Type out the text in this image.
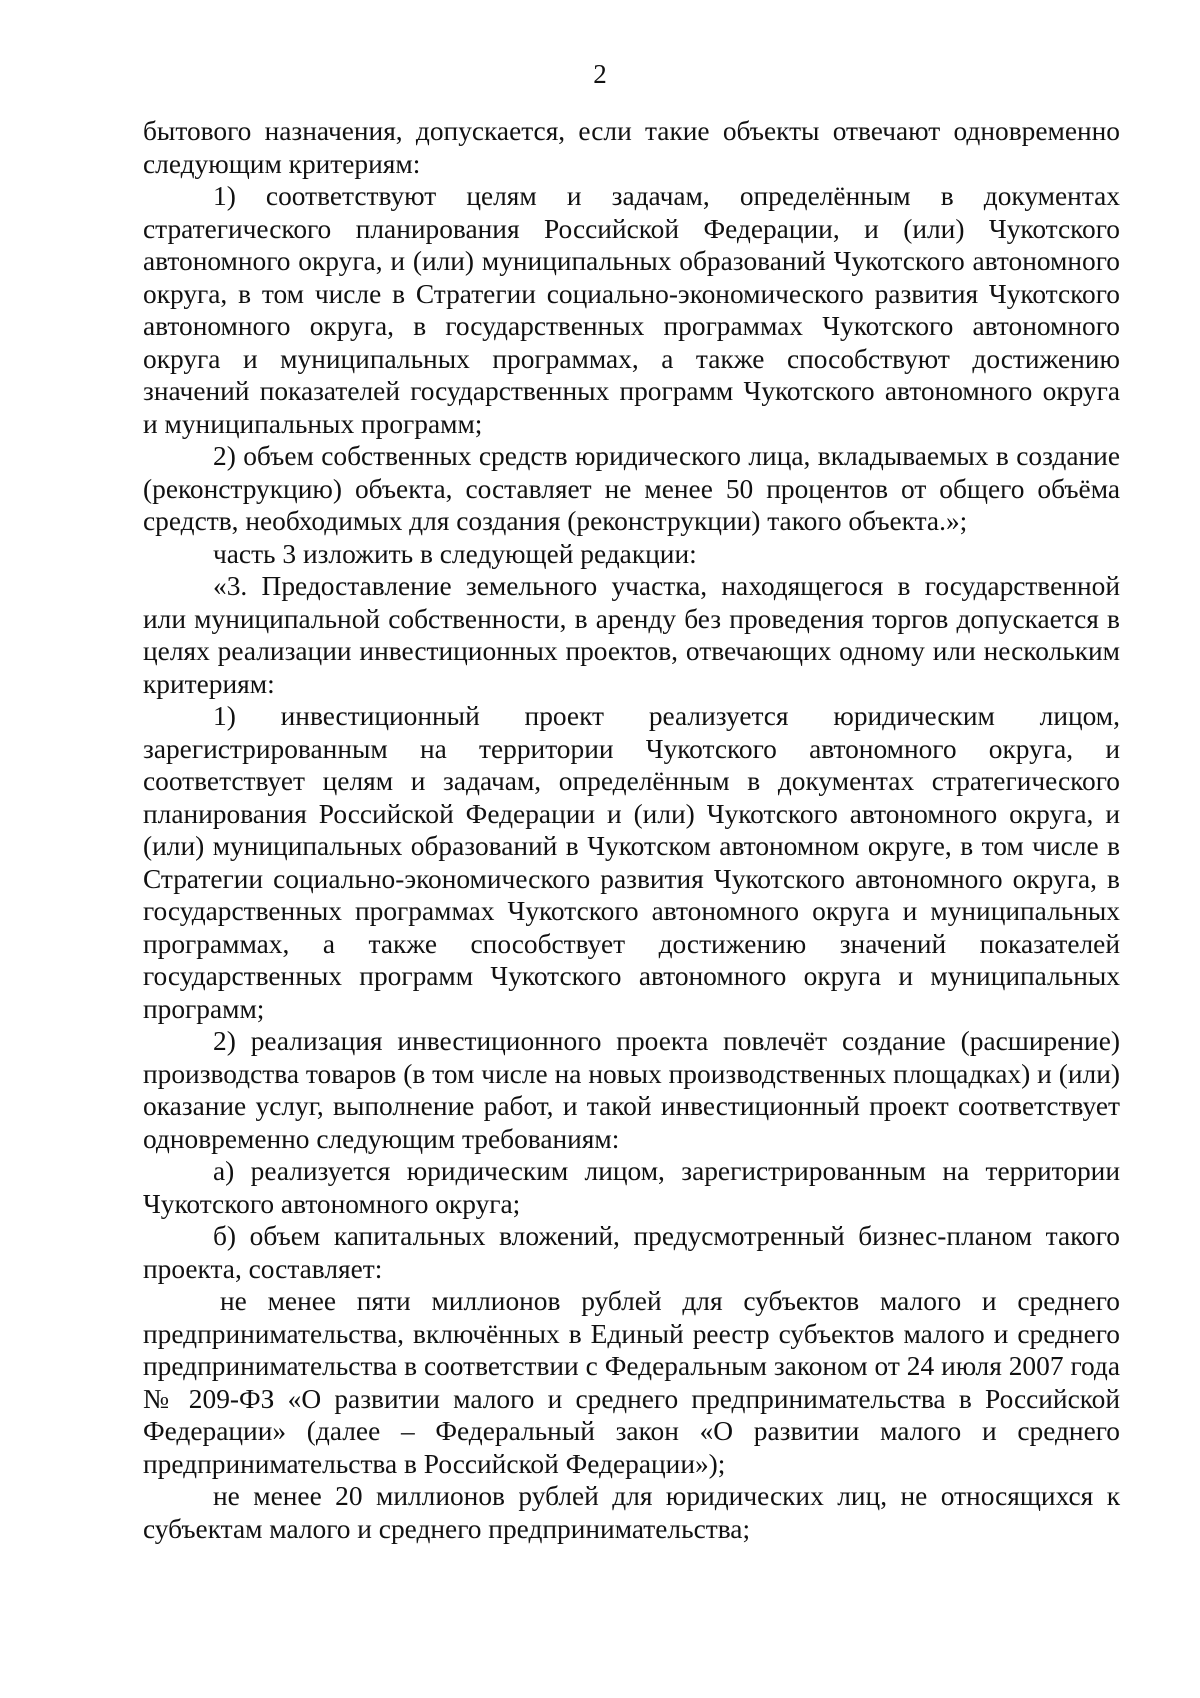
2

бытового назначения, допускается, если такие объекты отвечают одновременно следующим критериям:

1) соответствуют целям и задачам, определённым в документах стратегического планирования Российской Федерации, и (или) Чукотского автономного округа, и (или) муниципальных образований Чукотского автономного округа, в том числе в Стратегии социально-экономического развития Чукотского автономного округа, в государственных программах Чукотского автономного округа и муниципальных программах, а также способствуют достижению значений показателей государственных программ Чукотского автономного округа и муниципальных программ;

2) объем собственных средств юридического лица, вкладываемых в создание (реконструкцию) объекта, составляет не менее 50 процентов от общего объёма средств, необходимых для создания (реконструкции) такого объекта.»;

часть 3 изложить в следующей редакции:

«3. Предоставление земельного участка, находящегося в государственной или муниципальной собственности, в аренду без проведения торгов допускается в целях реализации инвестиционных проектов, отвечающих одному или нескольким критериям:

1) инвестиционный проект реализуется юридическим лицом, зарегистрированным на территории Чукотского автономного округа, и соответствует целям и задачам, определённым в документах стратегического планирования Российской Федерации и (или) Чукотского автономного округа, и (или) муниципальных образований в Чукотском автономном округе, в том числе в Стратегии социально-экономического развития Чукотского автономного округа, в государственных программах Чукотского автономного округа и муниципальных программах, а также способствует достижению значений показателей государственных программ Чукотского автономного округа и муниципальных программ;

2) реализация инвестиционного проекта повлечёт создание (расширение) производства товаров (в том числе на новых производственных площадках) и (или) оказание услуг, выполнение работ, и такой инвестиционный проект соответствует одновременно следующим требованиям:

а) реализуется юридическим лицом, зарегистрированным на территории Чукотского автономного округа;

б) объем капитальных вложений, предусмотренный бизнес-планом такого проекта, составляет:

не менее пяти миллионов рублей для субъектов малого и среднего предпринимательства, включённых в Единый реестр субъектов малого и среднего предпринимательства в соответствии с Федеральным законом от 24 июля 2007 года № 209-ФЗ «О развитии малого и среднего предпринимательства в Российской Федерации» (далее – Федеральный закон «О развитии малого и среднего предпринимательства в Российской Федерации»);

не менее 20 миллионов рублей для юридических лиц, не относящихся к субъектам малого и среднего предпринимательства;
